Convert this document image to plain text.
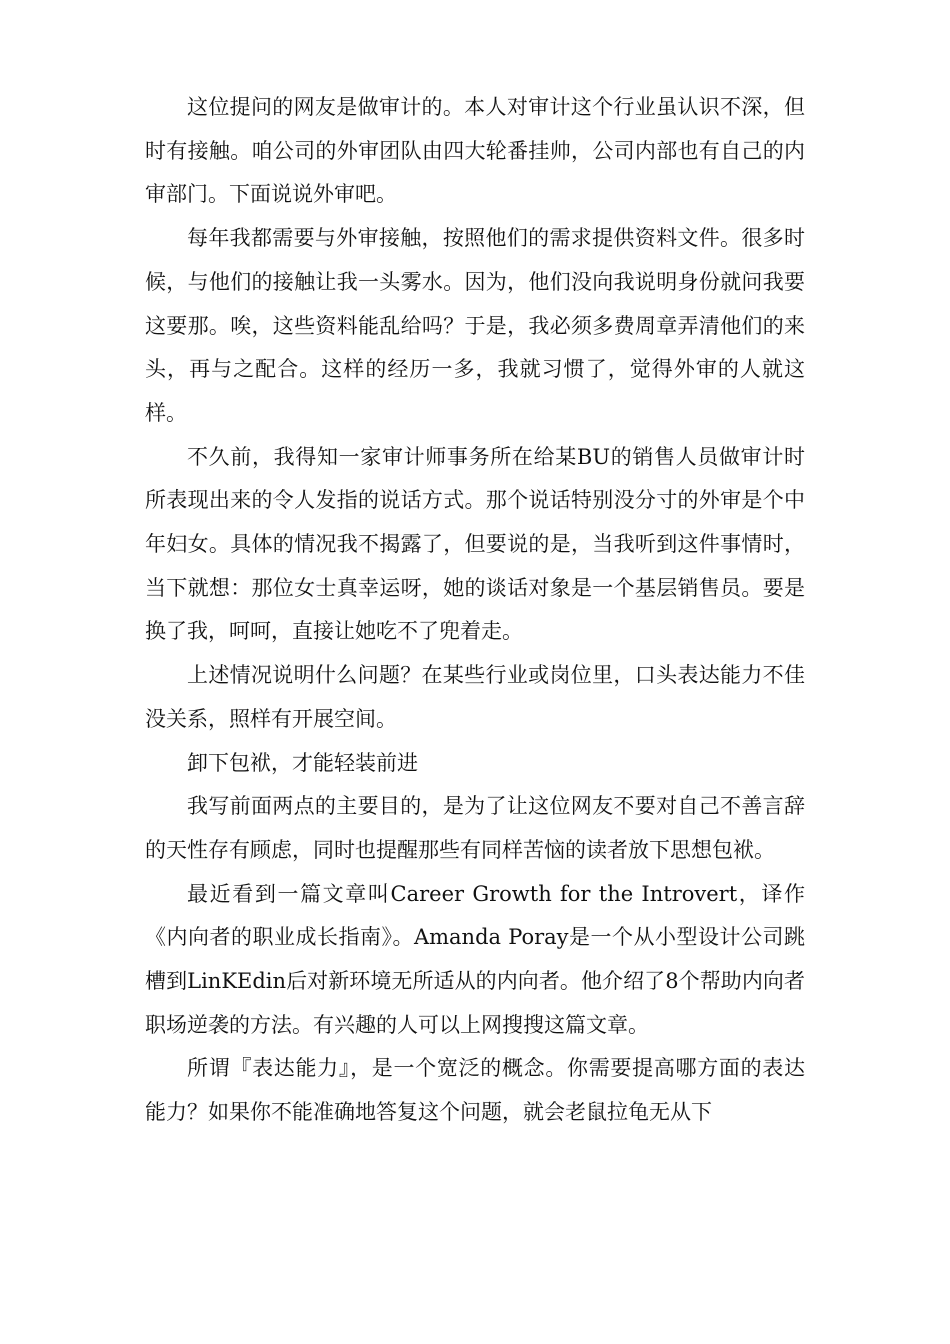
这位提问的网友是做审计的。本人对审计这个行业虽认识不深，但时有接触。咱公司的外审团队由四大轮番挂帅，公司内部也有自己的内审部门。下面说说外审吧。

每年我都需要与外审接触，按照他们的需求提供资料文件。很多时候，与他们的接触让我一头雾水。因为，他们没向我说明身份就问我要这要那。唉，这些资料能乱给吗？于是，我必须多费周章弄清他们的来头，再与之配合。这样的经历一多，我就习惯了，觉得外审的人就这样。

不久前，我得知一家审计师事务所在给某BU的销售人员做审计时所表现出来的令人发指的说话方式。那个说话特别没分寸的外审是个中年妇女。具体的情况我不揭露了，但要说的是，当我听到这件事情时，当下就想：那位女士真幸运呀，她的谈话对象是一个基层销售员。要是换了我，呵呵，直接让她吃不了兜着走。

上述情况说明什么问题？在某些行业或岗位里，口头表达能力不佳没关系，照样有开展空间。

卸下包袱，才能轻装前进

我写前面两点的主要目的，是为了让这位网友不要对自己不善言辞的天性存有顾虑，同时也提醒那些有同样苦恼的读者放下思想包袱。

最近看到一篇文章叫Career Growth for the Introvert，译作《内向者的职业成长指南》。Amanda Poray是一个从小型设计公司跳槽到LinKEdin后对新环境无所适从的内向者。他介绍了8个帮助内向者职场逆袭的方法。有兴趣的人可以上网搜搜这篇文章。

所谓『表达能力』，是一个宽泛的概念。你需要提高哪方面的表达能力？如果你不能准确地答复这个问题，就会老鼠拉龟无从下
